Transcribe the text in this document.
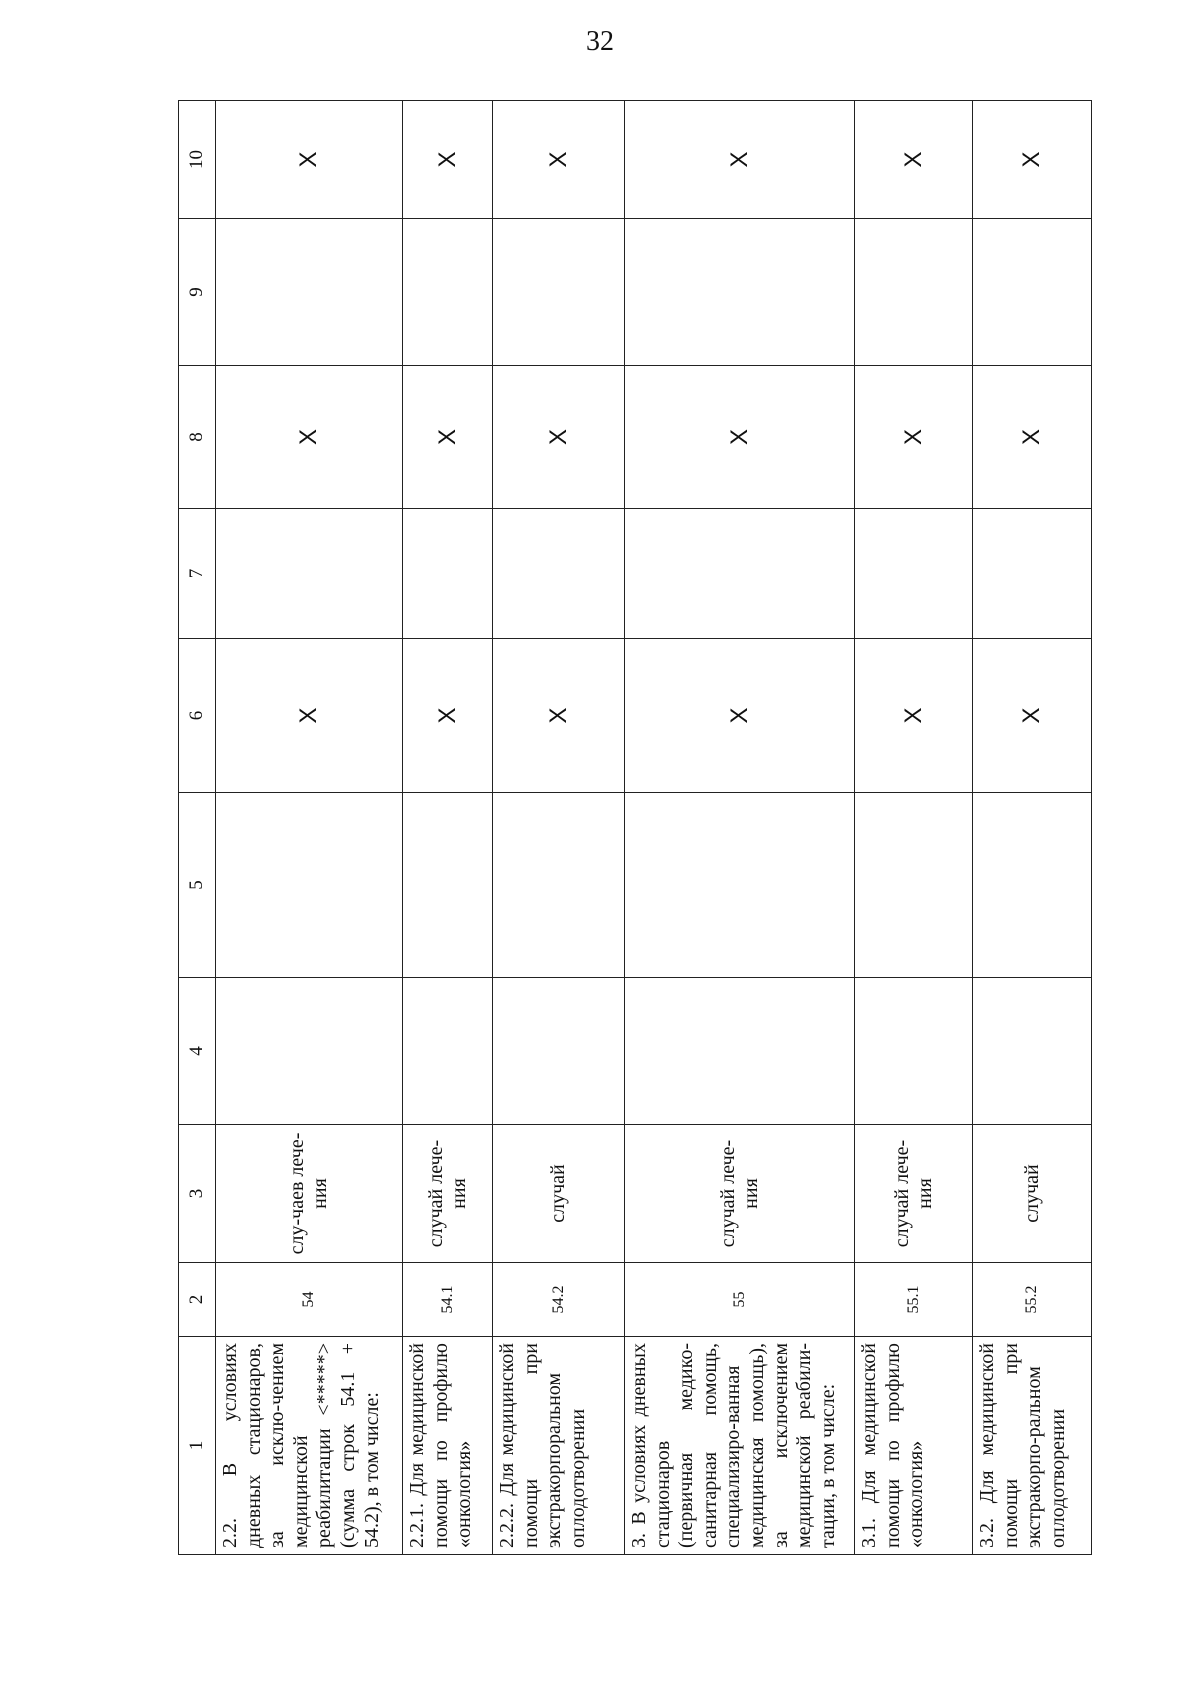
32
1	2	3	4	5	6	7	8	9	10
2.2. В условиях дневных стационаров, за исклю-чением медицинской реабилитации <*****> (сумма строк 54.1 + 54.2), в том числе:	54	слу-чаев лече-ния			X		X		X
2.2.1. Для медицинской помощи по профилю «онкология»	54.1	случай лече-ния			X		X		X
2.2.2. Для медицинской помощи при экстракорпоральном оплодотворении	54.2	случай			X		X		X
3. В условиях дневных стационаров (первичная медико-санитарная помощь, специализиро-ванная медицинская помощь), за исключением медицинской реабили-тации, в том числе:	55	случай лече-ния			X		X		X
3.1. Для медицинской помощи по профилю «онкология»	55.1	случай лече-ния			X		X		X
3.2. Для медицинской помощи при экстракорпо-ральном оплодотворении	55.2	случай			X		X		X
